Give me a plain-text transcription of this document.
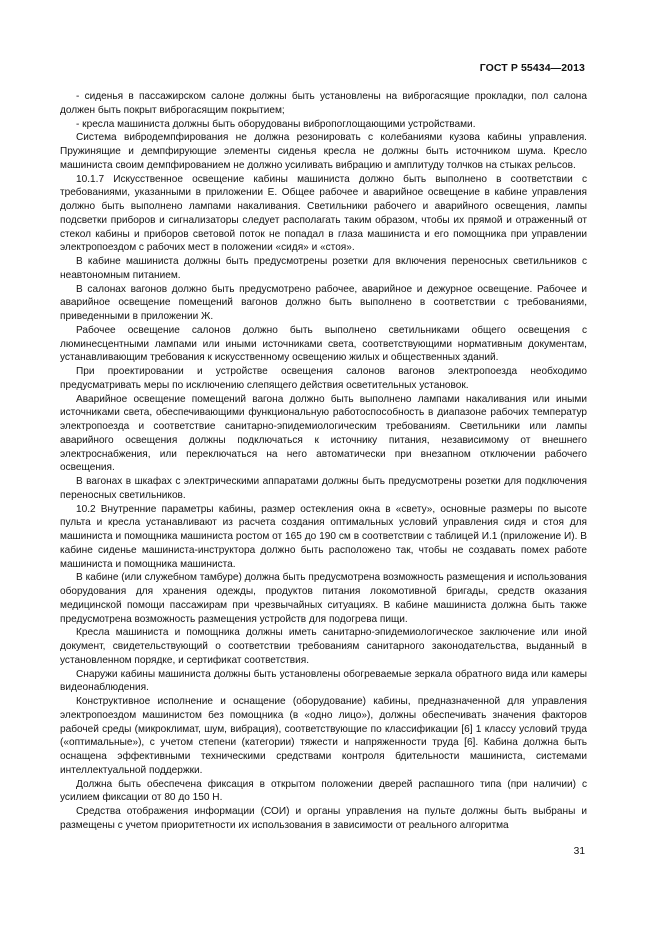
ГОСТ Р 55434—2013

- сиденья в пассажирском салоне должны быть установлены на виброгасящие прокладки, пол салона должен быть покрыт виброгасящим покрытием;

- кресла машиниста должны быть оборудованы вибропоглощающими устройствами.

Система вибродемпфирования не должна резонировать с колебаниями кузова кабины управления. Пружинящие и демпфирующие элементы сиденья кресла не должны быть источником шума. Кресло машиниста своим демпфированием не должно усиливать вибрацию и амплитуду толчков на стыках рельсов.

10.1.7 Искусственное освещение кабины машиниста должно быть выполнено в соответствии с требованиями, указанными в приложении Е. Общее рабочее и аварийное освещение в кабине управления должно быть выполнено лампами накаливания. Светильники рабочего и аварийного освещения, лампы подсветки приборов и сигнализаторы следует располагать таким образом, чтобы их прямой и отраженный от стекол кабины и приборов световой поток не попадал в глаза машиниста и его помощника при управлении электропоездом с рабочих мест в положении «сидя» и «стоя».

В кабине машиниста должны быть предусмотрены розетки для включения переносных светильников с неавтономным питанием.

В салонах вагонов должно быть предусмотрено рабочее, аварийное и дежурное освещение. Рабочее и аварийное освещение помещений вагонов должно быть выполнено в соответствии с требованиями, приведенными в приложении Ж.

Рабочее освещение салонов должно быть выполнено светильниками общего освещения с люминесцентными лампами или иными источниками света, соответствующими нормативным документам, устанавливающим требования к искусственному освещению жилых и общественных зданий.

При проектировании и устройстве освещения салонов вагонов электропоезда необходимо предусматривать меры по исключению слепящего действия осветительных установок.

Аварийное освещение помещений вагона должно быть выполнено лампами накаливания или иными источниками света, обеспечивающими функциональную работоспособность в диапазоне рабочих температур электропоезда и соответствие санитарно-эпидемиологическим требованиям. Светильники или лампы аварийного освещения должны подключаться к источнику питания, независимому от внешнего электроснабжения, или переключаться на него автоматически при внезапном отключении рабочего освещения.

В вагонах в шкафах с электрическими аппаратами должны быть предусмотрены розетки для подключения переносных светильников.

10.2 Внутренние параметры кабины, размер остекления окна в «свету», основные размеры по высоте пульта и кресла устанавливают из расчета создания оптимальных условий управления сидя и стоя для машиниста и помощника машиниста ростом от 165 до 190 см в соответствии с таблицей И.1 (приложение И). В кабине сиденье машиниста-инструктора должно быть расположено так, чтобы не создавать помех работе машиниста и помощника машиниста.

В кабине (или служебном тамбуре) должна быть предусмотрена возможность размещения и использования оборудования для хранения одежды, продуктов питания локомотивной бригады, средств оказания медицинской помощи пассажирам при чрезвычайных ситуациях. В кабине машиниста должна быть также предусмотрена возможность размещения устройств для подогрева пищи.

Кресла машиниста и помощника должны иметь санитарно-эпидемиологическое заключение или иной документ, свидетельствующий о соответствии требованиям санитарного законодательства, выданный в установленном порядке, и сертификат соответствия.

Снаружи кабины машиниста должны быть установлены обогреваемые зеркала обратного вида или камеры видеонаблюдения.

Конструктивное исполнение и оснащение (оборудование) кабины, предназначенной для управления электропоездом машинистом без помощника (в «одно лицо»), должны обеспечивать значения факторов рабочей среды (микроклимат, шум, вибрация), соответствующие по классификации [6] 1 классу условий труда («оптимальные»), с учетом степени (категории) тяжести и напряженности труда [6]. Кабина должна быть оснащена эффективными техническими средствами контроля бдительности машиниста, системами интеллектуальной поддержки.

Должна быть обеспечена фиксация в открытом положении дверей распашного типа (при наличии) с усилием фиксации от 80 до 150 Н.

Средства отображения информации (СОИ) и органы управления на пульте должны быть выбраны и размещены с учетом приоритетности их использования в зависимости от реального алгоритма

31
